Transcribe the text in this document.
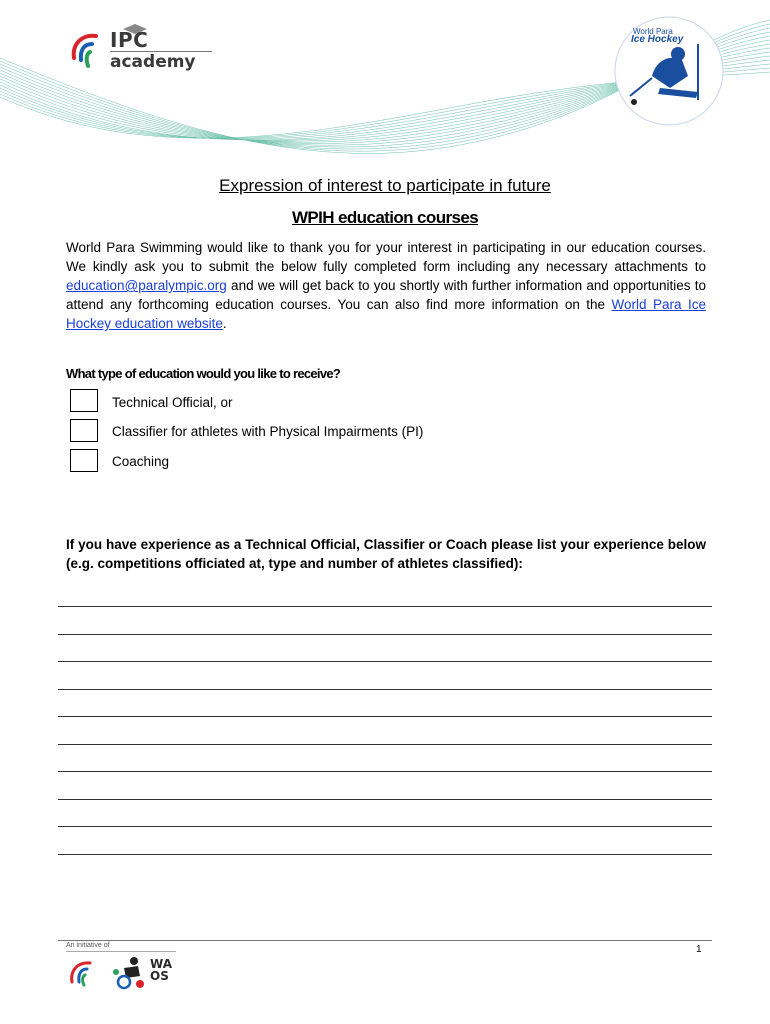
IPC
academy
World Para
Ice Hockey
Expression of interest to participate in future
WPIH education courses
World Para Swimming would like to thank you for your interest in participating in our education courses. We kindly ask you to submit the below fully completed form including any necessary attachments to education@paralympic.org and we will get back to you shortly with further information and opportunities to attend any forthcoming education courses. You can also find more information on the World Para Ice Hockey education website.
What type of education would you like to receive?
Technical Official, or
Classifier for athletes with Physical Impairments (PI)
Coaching
If you have experience as a Technical Official, Classifier or Coach please list your experience below (e.g. competitions officiated at, type and number of athletes classified):
An initiative of	1
WA
OS
